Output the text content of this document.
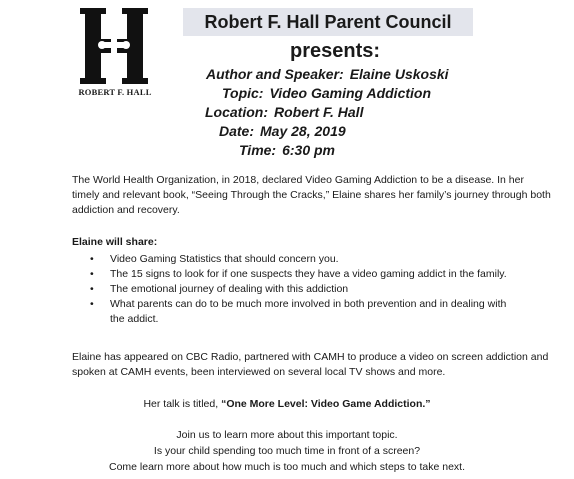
ROBERT F. HALL
Robert F. Hall Parent Council
presents:
Author and Speaker: Elaine Uskoski
Topic: Video Gaming Addiction
Location: Robert F. Hall
Date: May 28, 2019
Time: 6:30 pm

The World Health Organization, in 2018, declared Video Gaming Addiction to be a disease. In her timely and relevant book, “Seeing Through the Cracks,” Elaine shares her family’s journey through both addiction and recovery.

Elaine will share:
• Video Gaming Statistics that should concern you.
• The 15 signs to look for if one suspects they have a video gaming addict in the family.
• The emotional journey of dealing with this addiction
• What parents can do to be much more involved in both prevention and in dealing with the addict.

Elaine has appeared on CBC Radio, partnered with CAMH to produce a video on screen addiction and spoken at CAMH events, been interviewed on several local TV shows and more.

Her talk is titled, “One More Level: Video Game Addiction.”
Join us to learn more about this important topic.
Is your child spending too much time in front of a screen?
Come learn more about how much is too much and which steps to take next.
